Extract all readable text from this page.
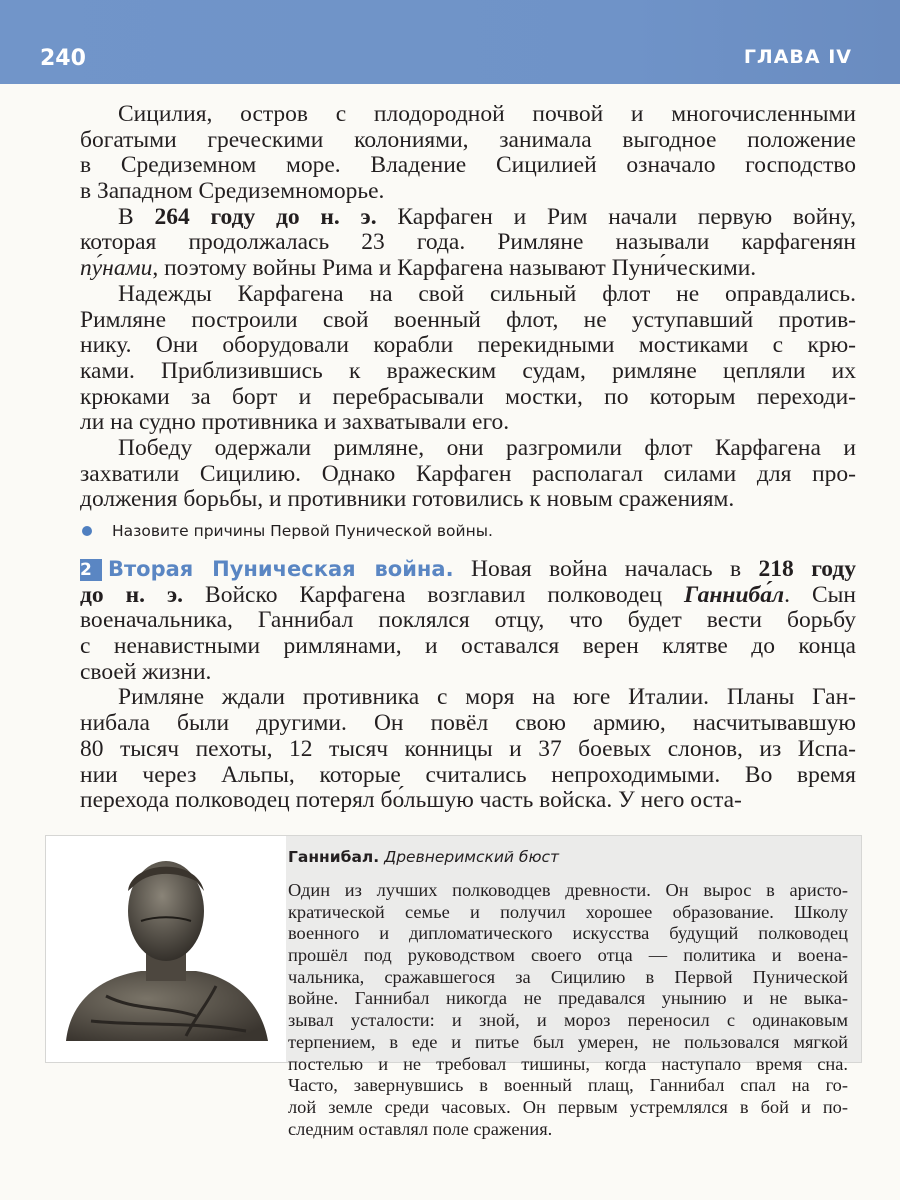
240	ГЛАВА IV
Сицилия, остров с плодородной почвой и многочисленными
богатыми греческими колониями, занимала выгодное положение
в Средиземном море. Владение Сицилией означало господство
в Западном Средиземноморье.
В 264 году до н. э. Карфаген и Рим начали первую войну,
которая продолжалась 23 года. Римляне называли карфагенян
пу́нами, поэтому войны Рима и Карфагена называют Пуни́ческими.
Надежды Карфагена на свой сильный флот не оправдались.
Римляне построили свой военный флот, не уступавший против-
нику. Они оборудовали корабли перекидными мостиками с крю-
ками. Приблизившись к вражеским судам, римляне цепляли их
крюками за борт и перебрасывали мостки, по которым переходи-
ли на судно противника и захватывали его.
Победу одержали римляне, они разгромили флот Карфагена и
захватили Сицилию. Однако Карфаген располагал силами для про-
должения борьбы, и противники готовились к новым сражениям.
Назовите причины Первой Пунической войны.
2 Вторая Пуническая война. Новая война началась в 218 году
до н. э. Войско Карфагена возглавил полководец Ганниба́л. Сын
военачальника, Ганнибал поклялся отцу, что будет вести борьбу
с ненавистными римлянами, и оставался верен клятве до конца
своей жизни.
Римляне ждали противника с моря на юге Италии. Планы Ган-
нибала были другими. Он повёл свою армию, насчитывавшую
80 тысяч пехоты, 12 тысяч конницы и 37 боевых слонов, из Испа-
нии через Альпы, которые считались непроходимыми. Во время
перехода полководец потерял бо́льшую часть войска. У него оста-
Ганнибал. Древнеримский бюст
Один из лучших полководцев древности. Он вырос в аристо-
кратической семье и получил хорошее образование. Школу
военного и дипломатического искусства будущий полководец
прошёл под руководством своего отца — политика и воена-
чальника, сражавшегося за Сицилию в Первой Пунической
войне. Ганнибал никогда не предавался унынию и не выка-
зывал усталости: и зной, и мороз переносил с одинаковым
терпением, в еде и питье был умерен, не пользовался мягкой
постелью и не требовал тишины, когда наступало время сна.
Часто, завернувшись в военный плащ, Ганнибал спал на го-
лой земле среди часовых. Он первым устремлялся в бой и по-
следним оставлял поле сражения.
